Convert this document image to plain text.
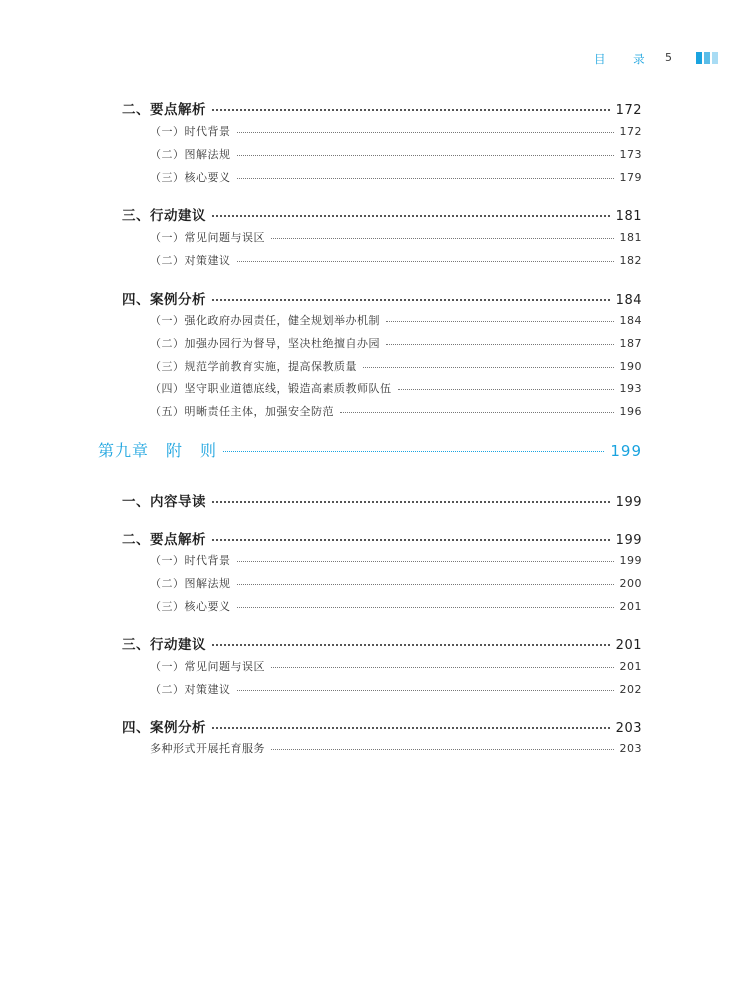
目 录 5
二、要点解析	172
（一）时代背景	172
（二）图解法规	173
（三）核心要义	179
三、行动建议	181
（一）常见问题与误区	181
（二）对策建议	182
四、案例分析	184
（一）强化政府办园责任，健全规划举办机制	184
（二）加强办园行为督导，坚决杜绝擅自办园	187
（三）规范学前教育实施，提高保教质量	190
（四）坚守职业道德底线，锻造高素质教师队伍	193
（五）明晰责任主体，加强安全防范	196
第九章　附　则	199
一、内容导读	199
二、要点解析	199
（一）时代背景	199
（二）图解法规	200
（三）核心要义	201
三、行动建议	201
（一）常见问题与误区	201
（二）对策建议	202
四、案例分析	203
多种形式开展托育服务	203
